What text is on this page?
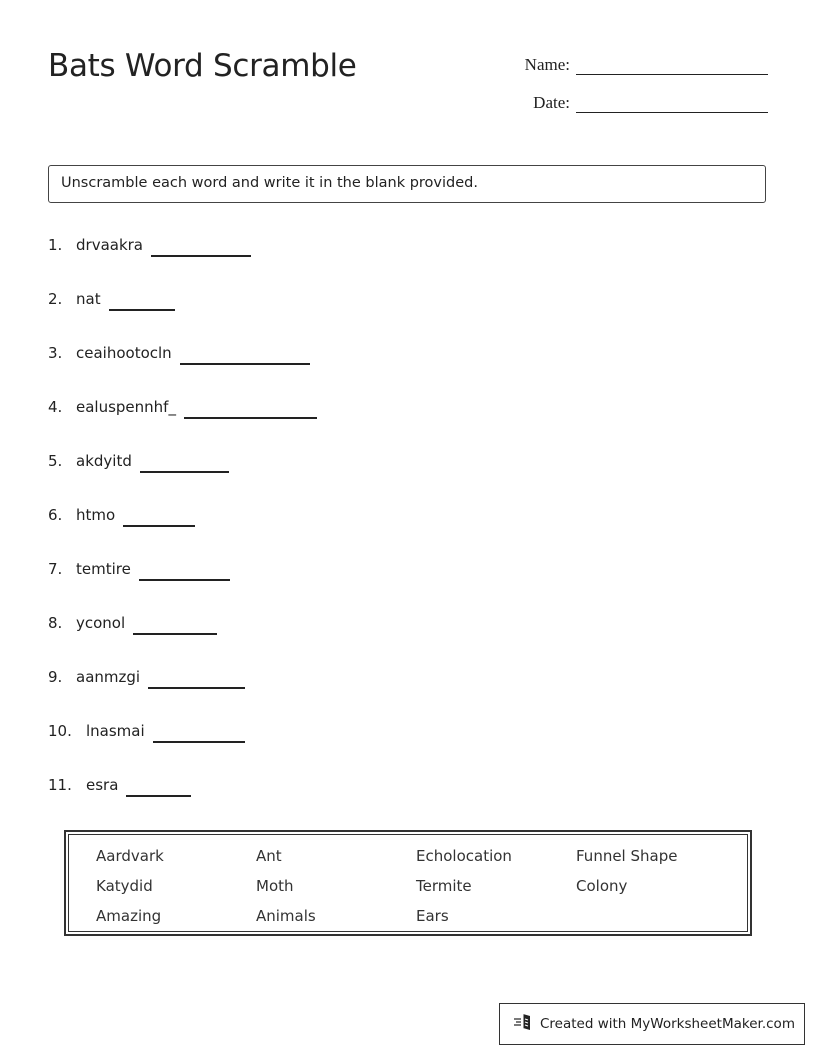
Bats Word Scramble	Name:
Date:
Unscramble each word and write it in the blank provided.
1. drvaakra
2. nat
3. ceaihootocln
4. ealuspennhf_
5. akdyitd
6. htmo
7. temtire
8. yconol
9. aanmzgi
10. lnasmai
11. esra
Aardvark	Ant	Echolocation	Funnel Shape
Katydid	Moth	Termite	Colony
Amazing	Animals	Ears
Created with MyWorksheetMaker.com
